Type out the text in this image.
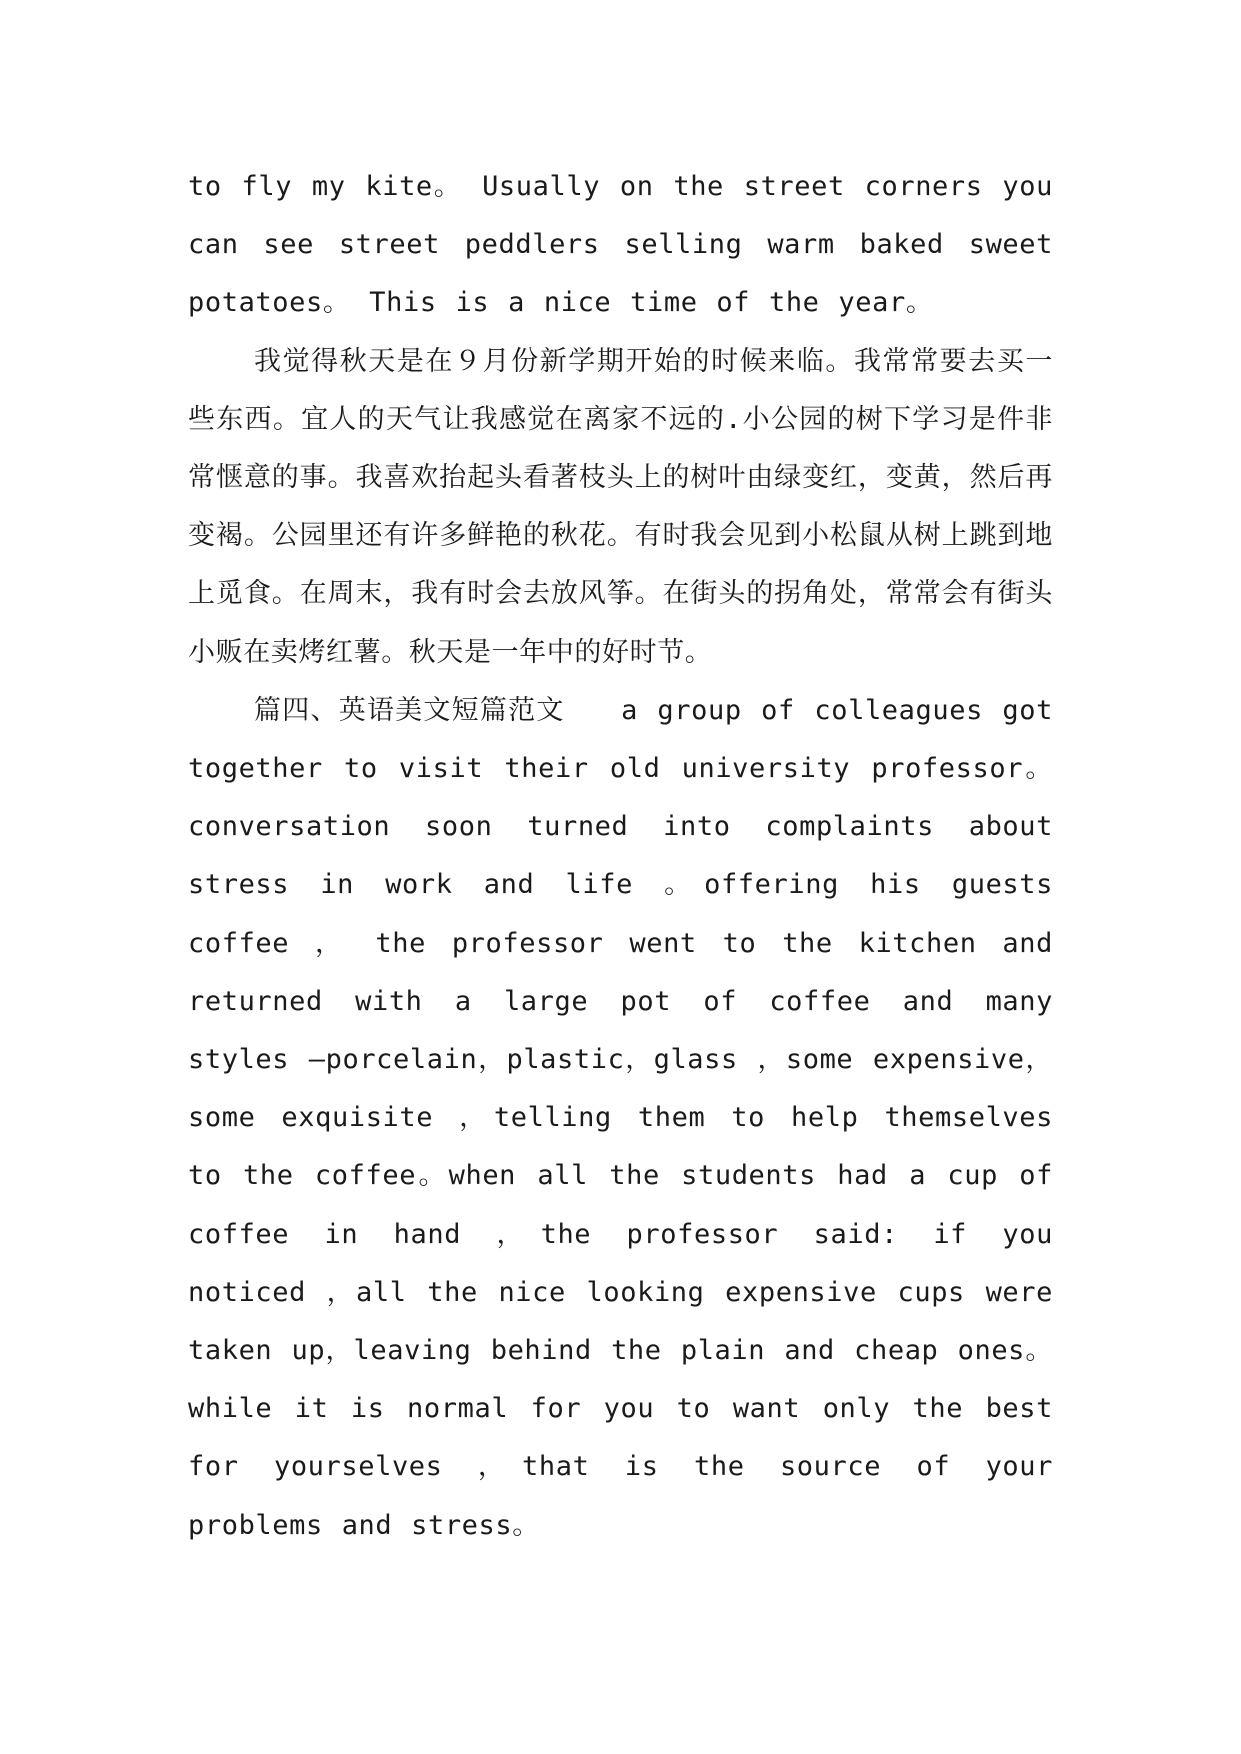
to fly my kite。 Usually on the street corners you can see street peddlers selling warm baked sweet potatoes。 This is a nice time of the year。

我觉得秋天是在９月份新学期开始的时候来临。我常常要去买一些东西。宜人的天气让我感觉在离家不远的.小公园的树下学习是件非常惬意的事。我喜欢抬起头看著枝头上的树叶由绿变红，变黄，然后再变褐。公园里还有许多鲜艳的秋花。有时我会见到小松鼠从树上跳到地上觅食。在周末，我有时会去放风筝。在街头的拐角处，常常会有街头小贩在卖烤红薯。秋天是一年中的好时节。

篇四、英语美文短篇范文　　a group of colleagues got together to visit their old university professor。conversation soon turned into complaints about stress in work and life 。offering his guests coffee ， the professor went to the kitchen and returned with a large pot of coffee and many styles —porcelain，plastic，glass ，some expensive， some exquisite ，telling them to help themselves to the coffee。when all the students had a cup of coffee in hand ，the professor said: if you noticed ，all the nice looking expensive cups were taken up，leaving behind the plain and cheap ones。 while it is normal for you to want only the best for yourselves ，that is the source of your problems and stress。
